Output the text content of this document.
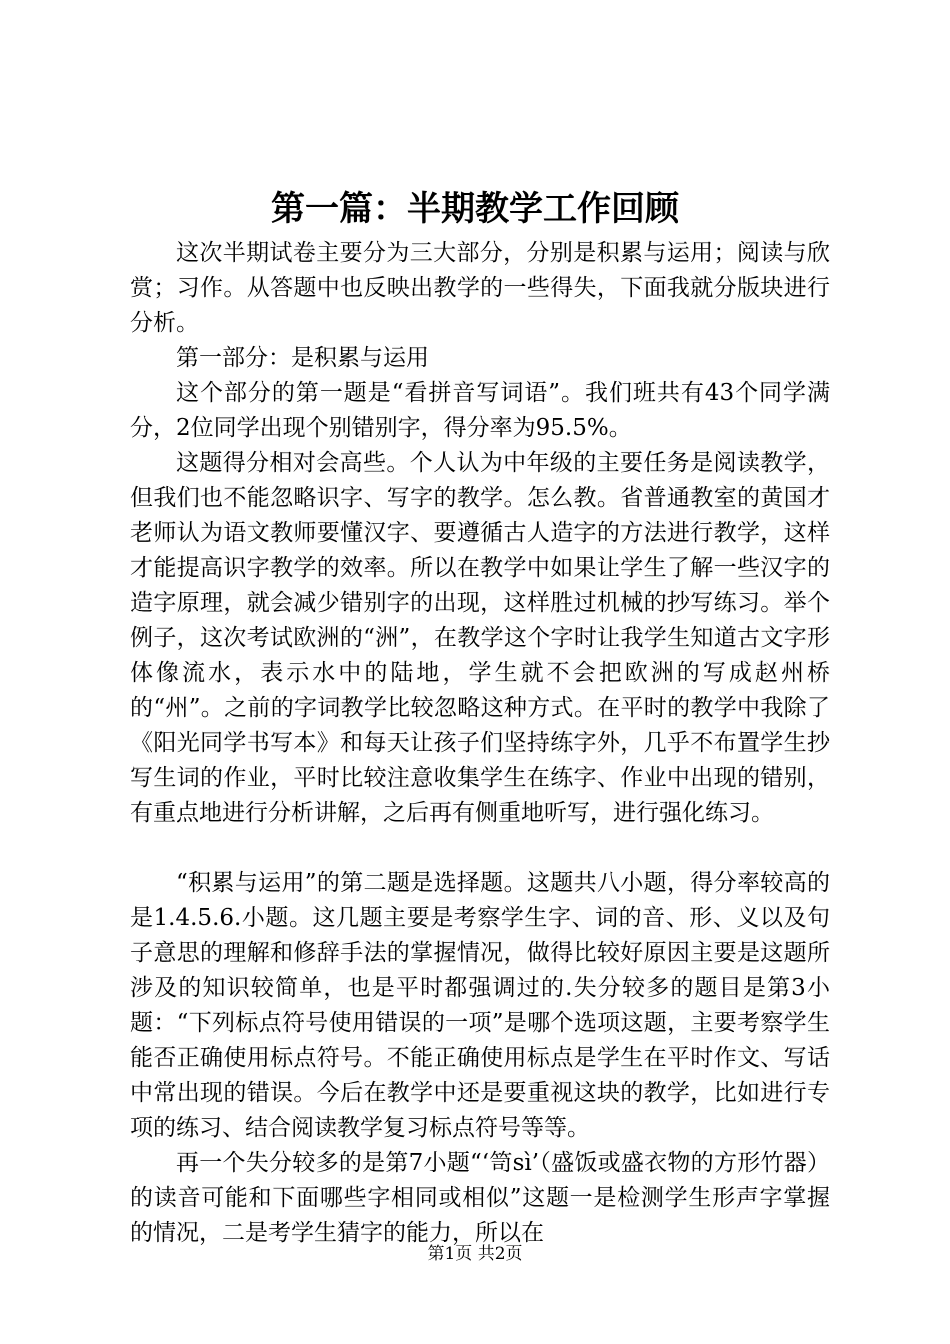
第一篇：半期教学工作回顾

这次半期试卷主要分为三大部分，分别是积累与运用；阅读与欣赏；习作。从答题中也反映出教学的一些得失，下面我就分版块进行分析。

第一部分：是积累与运用

这个部分的第一题是“看拼音写词语”。我们班共有43个同学满分，2位同学出现个别错别字，得分率为95.5%。

这题得分相对会高些。个人认为中年级的主要任务是阅读教学，但我们也不能忽略识字、写字的教学。怎么教。省普通教室的黄国才老师认为语文教师要懂汉字、要遵循古人造字的方法进行教学，这样才能提高识字教学的效率。所以在教学中如果让学生了解一些汉字的造字原理，就会减少错别字的出现，这样胜过机械的抄写练习。举个例子，这次考试欧洲的“洲”，在教学这个字时让我学生知道古文字形体像流水，表示水中的陆地，学生就不会把欧洲的写成赵州桥的“州”。之前的字词教学比较忽略这种方式。在平时的教学中我除了《阳光同学书写本》和每天让孩子们坚持练字外，几乎不布置学生抄写生词的作业，平时比较注意收集学生在练字、作业中出现的错别，有重点地进行分析讲解，之后再有侧重地听写，进行强化练习。

“积累与运用”的第二题是选择题。这题共八小题，得分率较高的是1.4.5.6.小题。这几题主要是考察学生字、词的音、形、义以及句子意思的理解和修辞手法的掌握情况，做得比较好原因主要是这题所涉及的知识较简单，也是平时都强调过的.失分较多的题目是第3小题：“下列标点符号使用错误的一项”是哪个选项这题，主要考察学生能否正确使用标点符号。不能正确使用标点是学生在平时作文、写话中常出现的错误。今后在教学中还是要重视这块的教学，比如进行专项的练习、结合阅读教学复习标点符号等等。

再一个失分较多的是第7小题“‘笥sì’（盛饭或盛衣物的方形竹器）的读音可能和下面哪些字相同或相似”这题一是检测学生形声字掌握的情况，二是考学生猜字的能力，所以在

第1页 共2页
